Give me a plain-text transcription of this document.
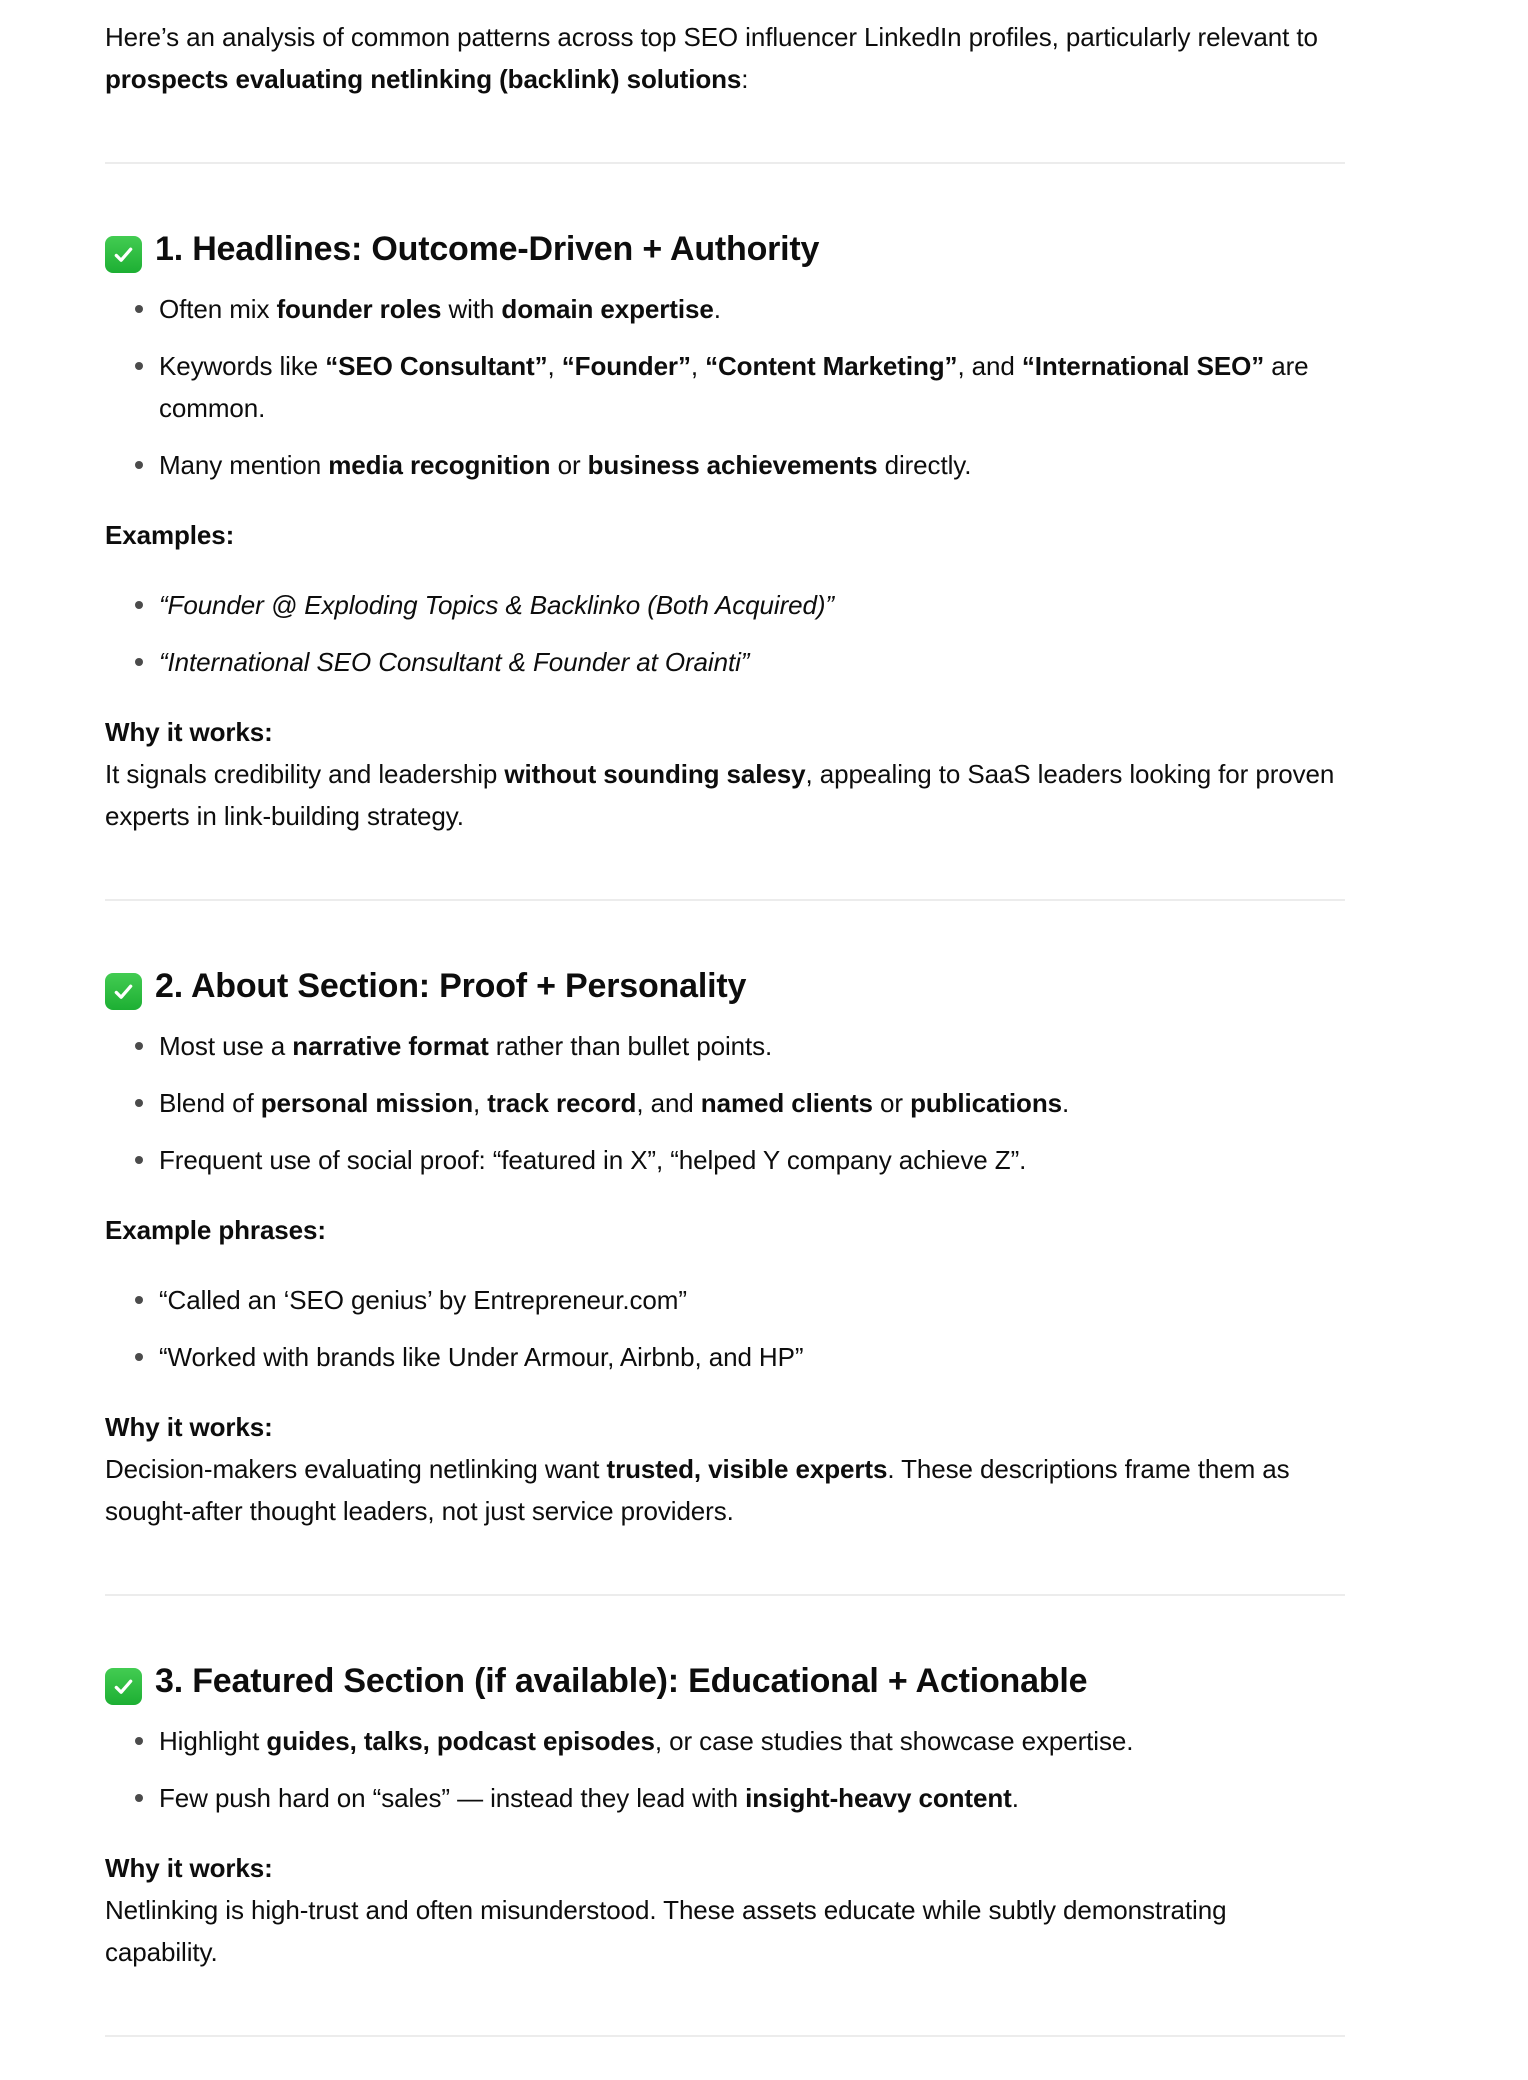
Here’s an analysis of common patterns across top SEO influencer LinkedIn profiles, particularly relevant to prospects evaluating netlinking (backlink) solutions:

1. Headlines: Outcome-Driven + Authority
Often mix founder roles with domain expertise.
Keywords like “SEO Consultant”, “Founder”, “Content Marketing”, and “International SEO” are common.
Many mention media recognition or business achievements directly.

Examples:

“Founder @ Exploding Topics & Backlinko (Both Acquired)”
“International SEO Consultant & Founder at Orainti”

Why it works:
It signals credibility and leadership without sounding salesy, appealing to SaaS leaders looking for proven experts in link-building strategy.

2. About Section: Proof + Personality
Most use a narrative format rather than bullet points.
Blend of personal mission, track record, and named clients or publications.
Frequent use of social proof: “featured in X”, “helped Y company achieve Z”.

Example phrases:

“Called an ‘SEO genius’ by Entrepreneur.com”
“Worked with brands like Under Armour, Airbnb, and HP”

Why it works:
Decision-makers evaluating netlinking want trusted, visible experts. These descriptions frame them as sought-after thought leaders, not just service providers.

3. Featured Section (if available): Educational + Actionable
Highlight guides, talks, podcast episodes, or case studies that showcase expertise.
Few push hard on “sales” — instead they lead with insight-heavy content.

Why it works:
Netlinking is high-trust and often misunderstood. These assets educate while subtly demonstrating capability.
